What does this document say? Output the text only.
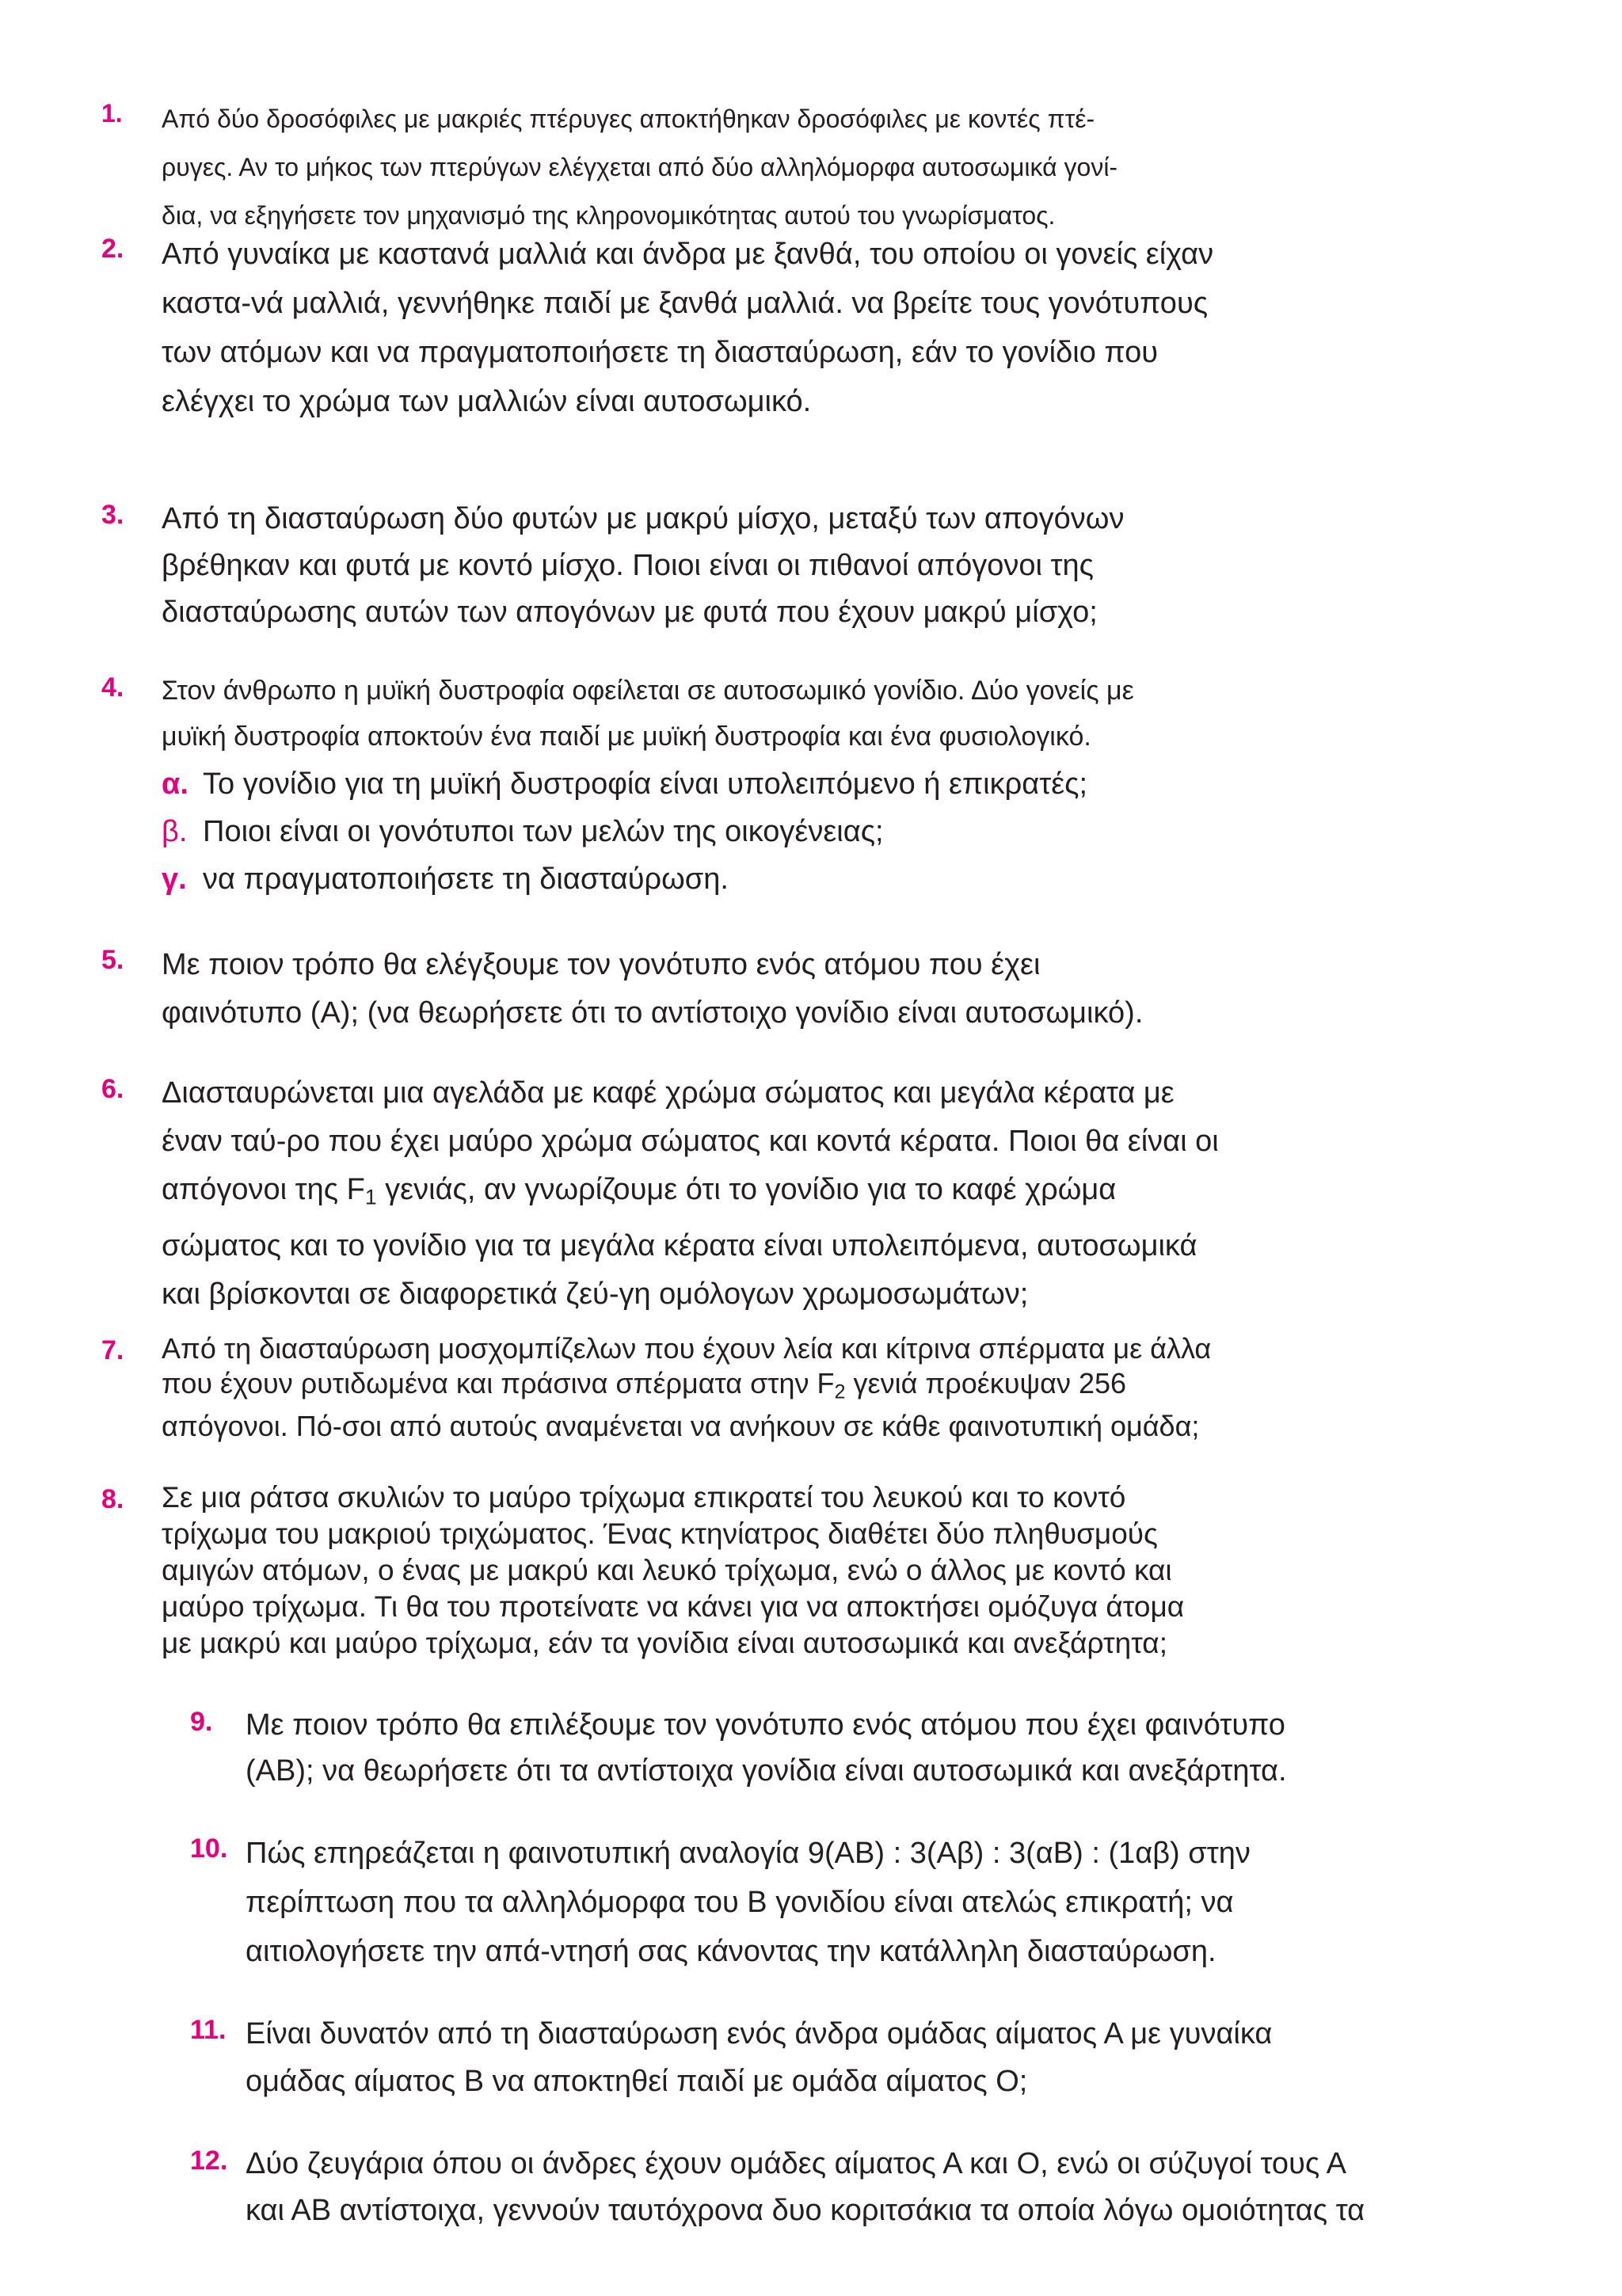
1. Από δύο δροσόφιλες με μακριές πτέρυγες αποκτήθηκαν δροσόφιλες με κοντές πτέ-
ρυγες. Αν το μήκος των πτερύγων ελέγχεται από δύο αλληλόμορφα αυτοσωμικά γονί-
δια, να εξηγήσετε τον μηχανισμό της κληρονομικότητας αυτού του γνωρίσματος.
2. Από γυναίκα με καστανά μαλλιά και άνδρα με ξανθά, του οποίου οι γονείς είχαν
καστα-νά μαλλιά, γεννήθηκε παιδί με ξανθά μαλλιά. να βρείτε τους γονότυπους
των ατόμων και να πραγματοποιήσετε τη διασταύρωση, εάν το γονίδιο που
ελέγχει το χρώμα των μαλλιών είναι αυτοσωμικό.
3. Από τη διασταύρωση δύο φυτών με μακρύ μίσχο, μεταξύ των απογόνων
βρέθηκαν και φυτά με κοντό μίσχο. Ποιοι είναι οι πιθανοί απόγονοι της
διασταύρωσης αυτών των απογόνων με φυτά που έχουν μακρύ μίσχο;
4. Στον άνθρωπο η μυϊκή δυστροφία οφείλεται σε αυτοσωμικό γονίδιο. Δύο γονείς με
μυϊκή δυστροφία αποκτούν ένα παιδί με μυϊκή δυστροφία και ένα φυσιολογικό.
α. Το γονίδιο για τη μυϊκή δυστροφία είναι υπολειπόμενο ή επικρατές;
β. Ποιοι είναι οι γονότυποι των μελών της οικογένειας;
γ. να πραγματοποιήσετε τη διασταύρωση.
5. Με ποιον τρόπο θα ελέγξουμε τον γονότυπο ενός ατόμου που έχει
φαινότυπο (Α); (να θεωρήσετε ότι το αντίστοιχο γονίδιο είναι αυτοσωμικό).
6. Διασταυρώνεται μια αγελάδα με καφέ χρώμα σώματος και μεγάλα κέρατα με
έναν ταύ-ρο που έχει μαύρο χρώμα σώματος και κοντά κέρατα. Ποιοι θα είναι οι
απόγονοι της $F_1$ γενιάς, αν γνωρίζουμε ότι το γονίδιο για το καφέ χρώμα
σώματος και το γονίδιο για τα μεγάλα κέρατα είναι υπολειπόμενα, αυτοσωμικά
και βρίσκονται σε διαφορετικά ζεύ-γη ομόλογων χρωμοσωμάτων;
7. Από τη διασταύρωση μοσχομπίζελων που έχουν λεία και κίτρινα σπέρματα με άλλα
που έχουν ρυτιδωμένα και πράσινα σπέρματα στην $F_2$ γενιά προέκυψαν 256
απόγονοι. Πό-σοι από αυτούς αναμένεται να ανήκουν σε κάθε φαινοτυπική ομάδα;
8. Σε μια ράτσα σκυλιών το μαύρο τρίχωμα επικρατεί του λευκού και το κοντό
τρίχωμα του μακριού τριχώματος. Ένας κτηνίατρος διαθέτει δύο πληθυσμούς
αμιγών ατόμων, ο ένας με μακρύ και λευκό τρίχωμα, ενώ ο άλλος με κοντό και
μαύρο τρίχωμα. Τι θα του προτείνατε να κάνει για να αποκτήσει ομόζυγα άτομα
με μακρύ και μαύρο τρίχωμα, εάν τα γονίδια είναι αυτοσωμικά και ανεξάρτητα;
9. Με ποιον τρόπο θα επιλέξουμε τον γονότυπο ενός ατόμου που έχει φαινότυπο
(ΑΒ); να θεωρήσετε ότι τα αντίστοιχα γονίδια είναι αυτοσωμικά και ανεξάρτητα.
10. Πώς επηρεάζεται η φαινοτυπική αναλογία 9(ΑΒ) : 3(Αβ) : 3(αΒ) : (1αβ) στην
περίπτωση που τα αλληλόμορφα του Β γονιδίου είναι ατελώς επικρατή; να
αιτιολογήσετε την απά-ντησή σας κάνοντας την κατάλληλη διασταύρωση.
11. Είναι δυνατόν από τη διασταύρωση ενός άνδρα ομάδας αίματος Α με γυναίκα
ομάδας αίματος Β να αποκτηθεί παιδί με ομάδα αίματος Ο;
12. Δύο ζευγάρια όπου οι άνδρες έχουν ομάδες αίματος Α και Ο, ενώ οι σύζυγοί τους Α
και ΑΒ αντίστοιχα, γεννούν ταυτόχρονα δυο κοριτσάκια τα οποία λόγω ομοιότητας τα
